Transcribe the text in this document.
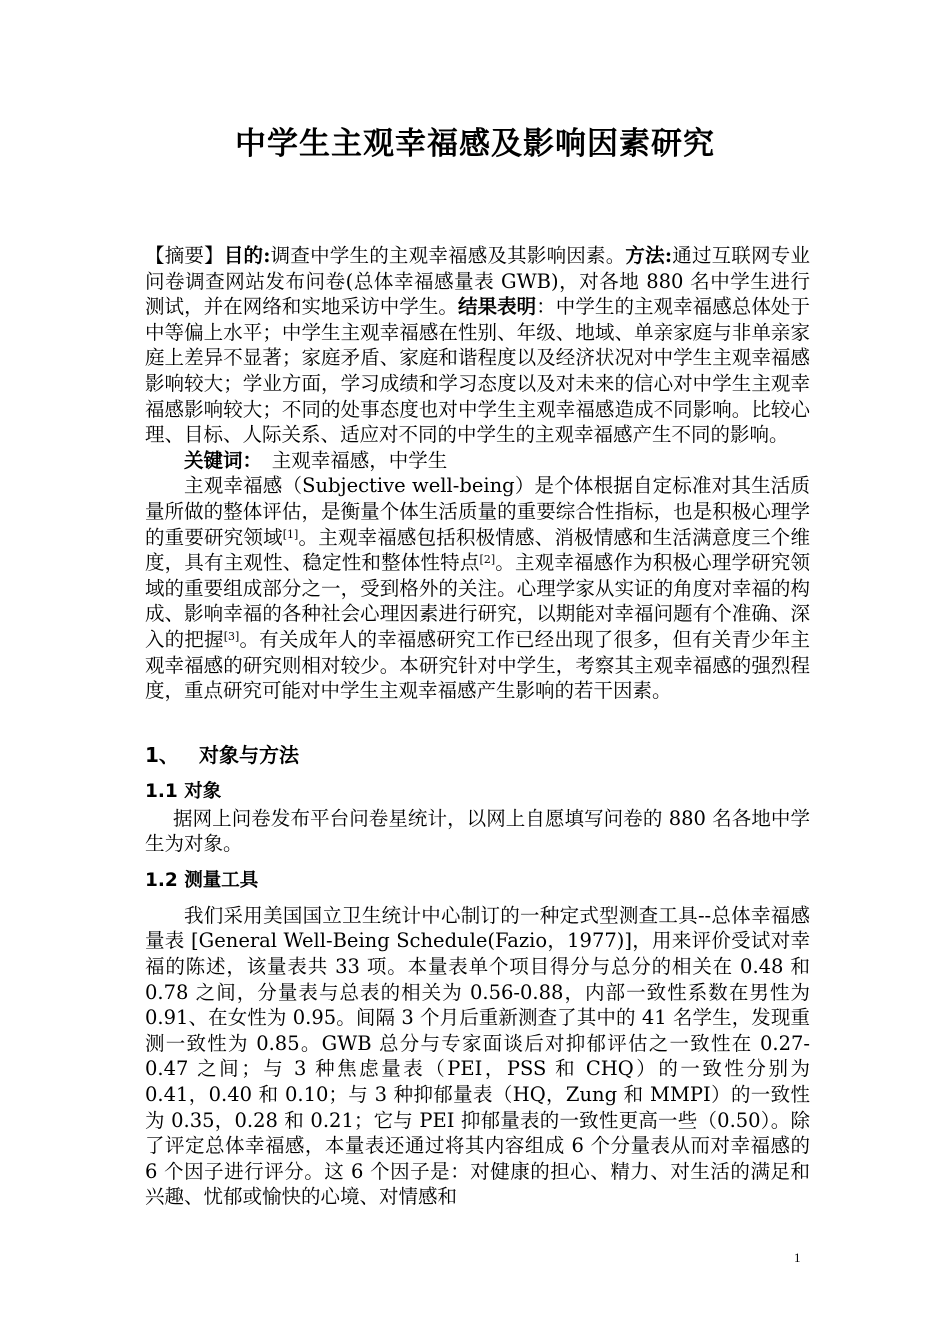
中学生主观幸福感及影响因素研究

【摘要】目的:调查中学生的主观幸福感及其影响因素。方法:通过互联网专业问卷调查网站发布问卷(总体幸福感量表 GWB)，对各地 880 名中学生进行测试，并在网络和实地采访中学生。结果表明：中学生的主观幸福感总体处于中等偏上水平；中学生主观幸福感在性别、年级、地域、单亲家庭与非单亲家庭上差异不显著；家庭矛盾、家庭和谐程度以及经济状况对中学生主观幸福感影响较大；学业方面，学习成绩和学习态度以及对未来的信心对中学生主观幸福感影响较大；不同的处事态度也对中学生主观幸福感造成不同影响。比较心理、目标、人际关系、适应对不同的中学生的主观幸福感产生不同的影响。

关键词：　主观幸福感，中学生

主观幸福感（Subjective well-being）是个体根据自定标准对其生活质量所做的整体评估，是衡量个体生活质量的重要综合性指标，也是积极心理学的重要研究领域[1]。主观幸福感包括积极情感、消极情感和生活满意度三个维度，具有主观性、稳定性和整体性特点[2]。主观幸福感作为积极心理学研究领域的重要组成部分之一，受到格外的关注。心理学家从实证的角度对幸福的构成、影响幸福的各种社会心理因素进行研究，以期能对幸福问题有个准确、深入的把握[3]。有关成年人的幸福感研究工作已经出现了很多，但有关青少年主观幸福感的研究则相对较少。本研究针对中学生，考察其主观幸福感的强烈程度，重点研究可能对中学生主观幸福感产生影响的若干因素。

1、 对象与方法

1.1 对象

据网上问卷发布平台问卷星统计，以网上自愿填写问卷的 880 名各地中学生为对象。

1.2 测量工具

我们采用美国国立卫生统计中心制订的一种定式型测查工具--总体幸福感量表 [General Well-Being Schedule(Fazio，1977)]，用来评价受试对幸福的陈述，该量表共 33 项。本量表单个项目得分与总分的相关在 0.48 和 0.78 之间，分量表与总表的相关为 0.56-0.88，内部一致性系数在男性为 0.91、在女性为 0.95。间隔 3 个月后重新测查了其中的 41 名学生，发现重测一致性为 0.85。GWB 总分与专家面谈后对抑郁评估之一致性在 0.27-0.47 之间；与 3 种焦虑量表（PEI，PSS 和 CHQ）的一致性分别为 0.41，0.40 和 0.10；与 3 种抑郁量表（HQ，Zung 和 MMPI）的一致性为 0.35，0.28 和 0.21；它与 PEI 抑郁量表的一致性更高一些（0.50）。除了评定总体幸福感，本量表还通过将其内容组成 6 个分量表从而对幸福感的 6 个因子进行评分。这 6 个因子是：对健康的担心、精力、对生活的满足和兴趣、忧郁或愉快的心境、对情感和

1
